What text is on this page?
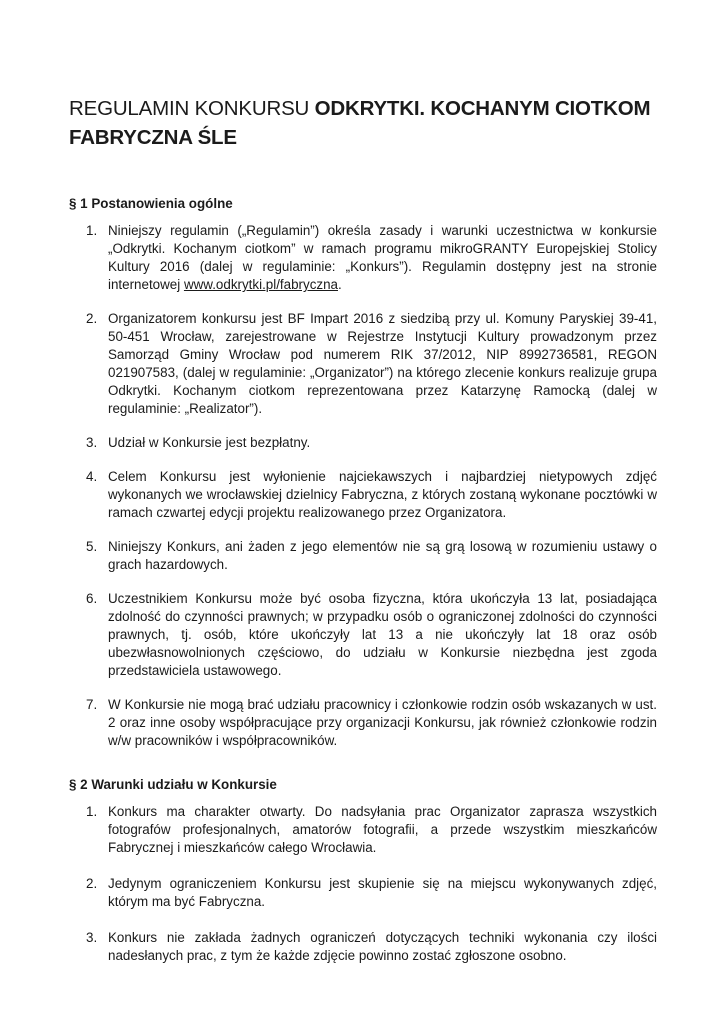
REGULAMIN KONKURSU ODKRYTKI. KOCHANYM CIOTKOM
FABRYCZNA ŚLE
§ 1 Postanowienia ogólne
1. Niniejszy regulamin („Regulamin”) określa zasady i warunki uczestnictwa w konkursie „Odkrytki. Kochanym ciotkom” w ramach programu mikroGRANTY Europejskiej Stolicy Kultury 2016 (dalej w regulaminie: „Konkurs”). Regulamin dostępny jest na stronie internetowej www.odkrytki.pl/fabryczna.
2. Organizatorem konkursu jest BF Impart 2016 z siedzibą przy ul. Komuny Paryskiej 39-41, 50-451 Wrocław, zarejestrowane w Rejestrze Instytucji Kultury prowadzonym przez Samorząd Gminy Wrocław pod numerem RIK 37/2012, NIP 8992736581, REGON 021907583, (dalej w regulaminie: „Organizator”) na którego zlecenie konkurs realizuje grupa Odkrytki. Kochanym ciotkom reprezentowana przez Katarzynę Ramocką (dalej w regulaminie: „Realizator”).
3. Udział w Konkursie jest bezpłatny.
4. Celem Konkursu jest wyłonienie najciekawszych i najbardziej nietypowych zdjęć wykonanych we wrocławskiej dzielnicy Fabryczna, z których zostaną wykonane pocztówki w ramach czwartej edycji projektu realizowanego przez Organizatora.
5. Niniejszy Konkurs, ani żaden z jego elementów nie są grą losową w rozumieniu ustawy o grach hazardowych.
6. Uczestnikiem Konkursu może być osoba fizyczna, która ukończyła 13 lat, posiadająca zdolność do czynności prawnych; w przypadku osób o ograniczonej zdolności do czynności prawnych, tj. osób, które ukończyły lat 13 a nie ukończyły lat 18 oraz osób ubezwłasnowolnionych częściowo, do udziału w Konkursie niezbędna jest zgoda przedstawiciela ustawowego.
7. W Konkursie nie mogą brać udziału pracownicy i członkowie rodzin osób wskazanych w ust. 2 oraz inne osoby współpracujące przy organizacji Konkursu, jak również członkowie rodzin w/w pracowników i współpracowników.
§ 2 Warunki udziału w Konkursie
1. Konkurs ma charakter otwarty. Do nadsyłania prac Organizator zaprasza wszystkich fotografów profesjonalnych, amatorów fotografii, a przede wszystkim mieszkańców Fabrycznej i mieszkańców całego Wrocławia.
2. Jedynym ograniczeniem Konkursu jest skupienie się na miejscu wykonywanych zdjęć, którym ma być Fabryczna.
3. Konkurs nie zakłada żadnych ograniczeń dotyczących techniki wykonania czy ilości nadesłanych prac, z tym że każde zdjęcie powinno zostać zgłoszone osobno.
